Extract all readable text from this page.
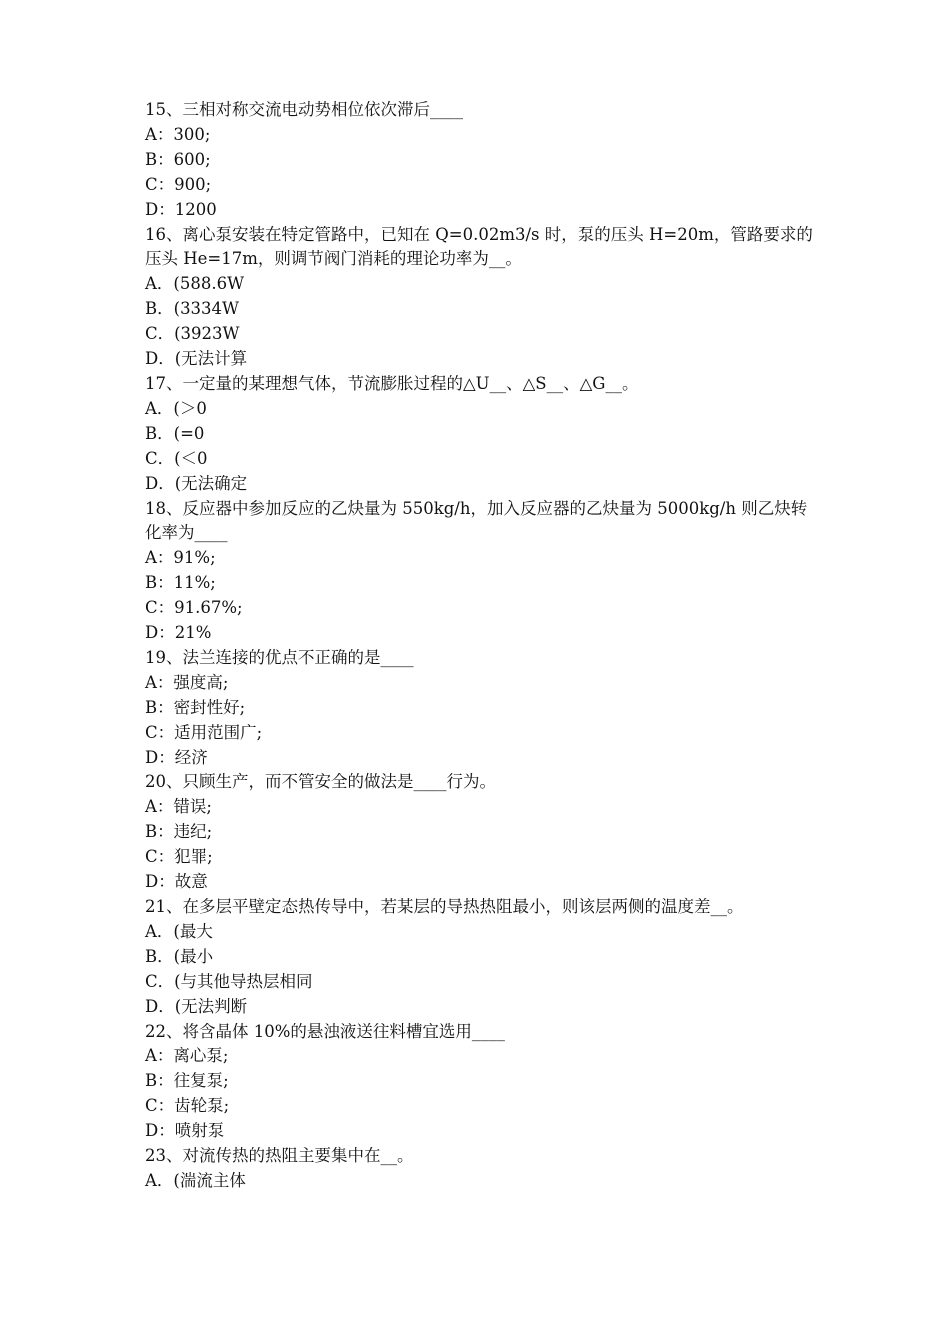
15、三相对称交流电动势相位依次滞后____
A：300;
B：600;
C：900;
D：1200
16、离心泵安装在特定管路中，已知在 Q=0.02m3/s 时，泵的压头 H=20m，管路要求的压头 He=17m，则调节阀门消耗的理论功率为__。
A．(588.6W
B．(3334W
C．(3923W
D．(无法计算
17、一定量的某理想气体，节流膨胀过程的△U__、△S__、△G__。
A．(＞0
B．(=0
C．(＜0
D．(无法确定
18、反应器中参加反应的乙炔量为 550kg/h，加入反应器的乙炔量为 5000kg/h 则乙炔转化率为____
A：91%;
B：11%;
C：91.67%;
D：21%
19、法兰连接的优点不正确的是____
A：强度高;
B：密封性好;
C：适用范围广;
D：经济
20、只顾生产，而不管安全的做法是____行为。
A：错误;
B：违纪;
C：犯罪;
D：故意
21、在多层平壁定态热传导中，若某层的导热热阻最小，则该层两侧的温度差__。
A．(最大
B．(最小
C．(与其他导热层相同
D．(无法判断
22、将含晶体 10%的悬浊液送往料槽宜选用____
A：离心泵;
B：往复泵;
C：齿轮泵;
D：喷射泵
23、对流传热的热阻主要集中在__。
A．(湍流主体
